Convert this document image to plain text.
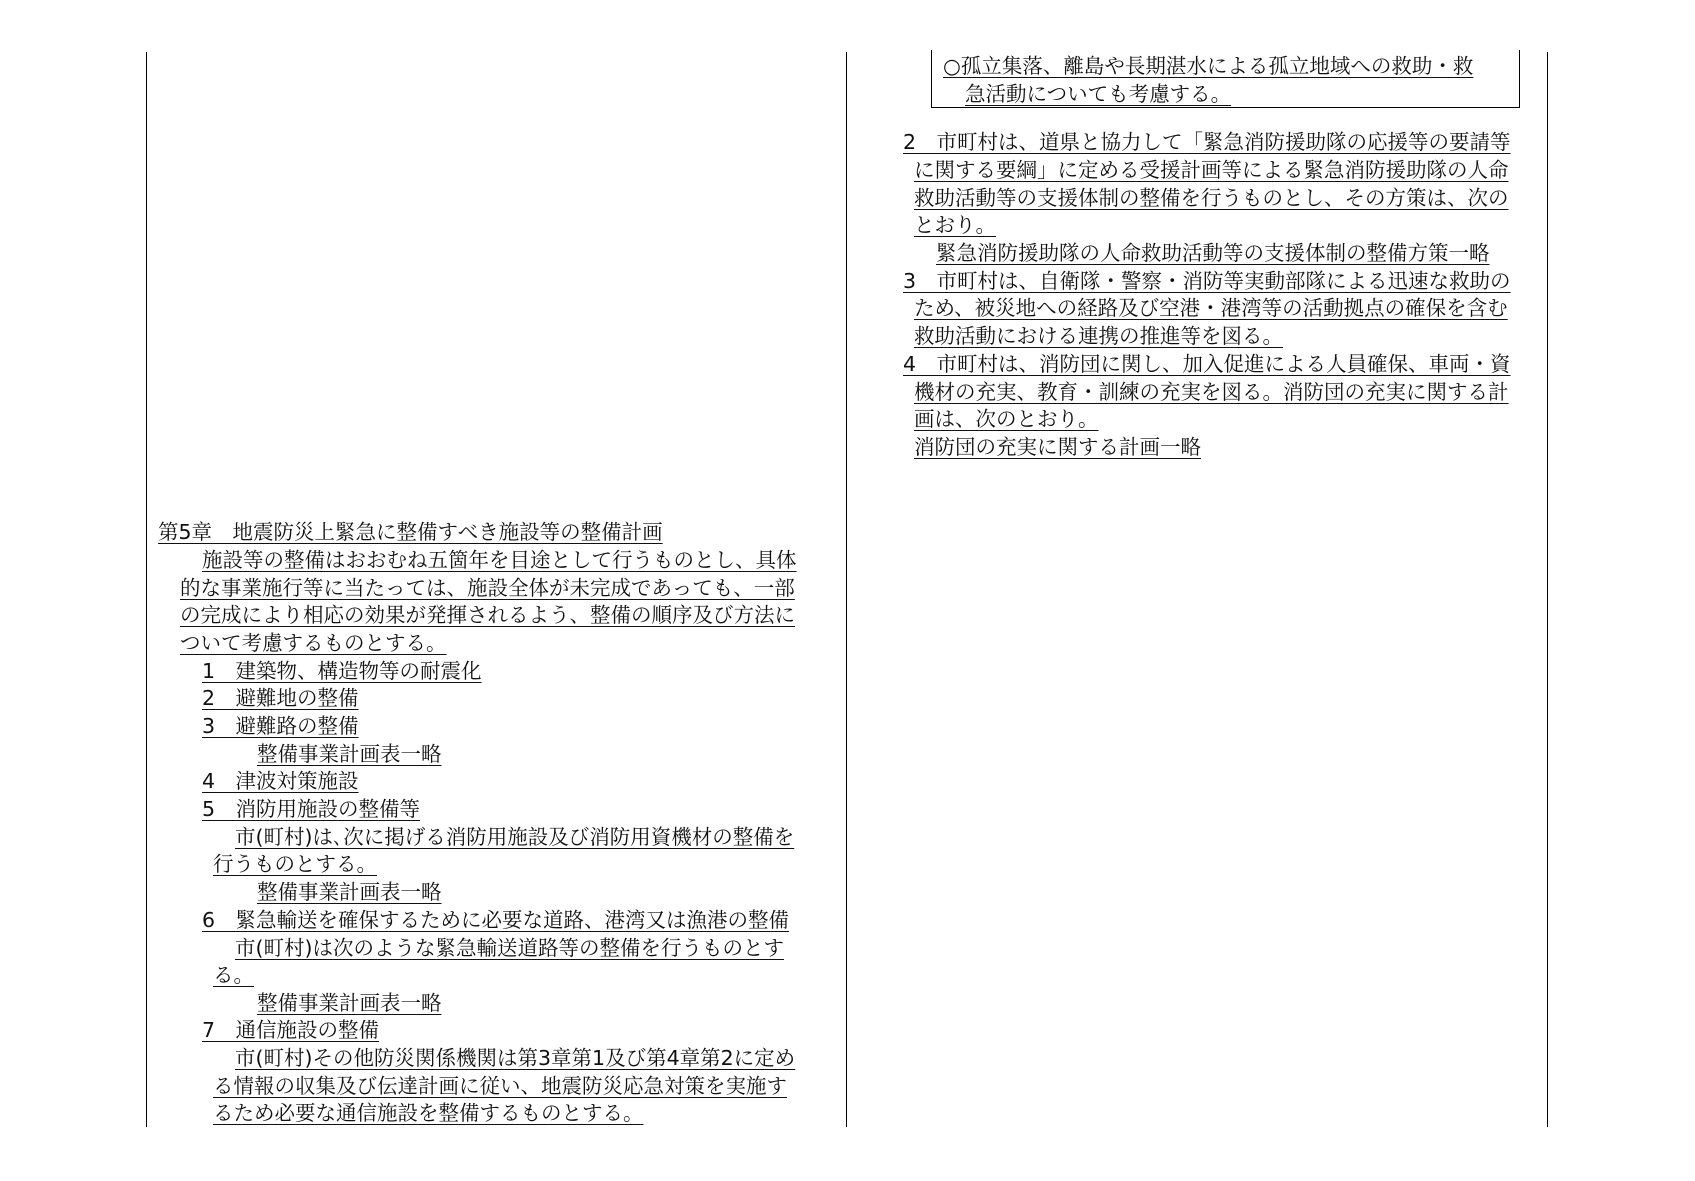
第5章　地震防災上緊急に整備すべき施設等の整備計画
施設等の整備はおおむね五箇年を目途として行うものとし、具体
的な事業施行等に当たっては、施設全体が未完成であっても、一部
の完成により相応の効果が発揮されるよう、整備の順序及び方法に
ついて考慮するものとする。
1　建築物、構造物等の耐震化
2　避難地の整備
3　避難路の整備
整備事業計画表一略
4　津波対策施設
5　消防用施設の整備等
市(町村)は､次に掲げる消防用施設及び消防用資機材の整備を
行うものとする。
整備事業計画表一略
6　緊急輸送を確保するために必要な道路、港湾又は漁港の整備
市(町村)は次のような緊急輸送道路等の整備を行うものとす
る。
整備事業計画表一略
7　通信施設の整備
市(町村)その他防災関係機関は第3章第1及び第4章第2に定め
る情報の収集及び伝達計画に従い、地震防災応急対策を実施す
るため必要な通信施設を整備するものとする。
○孤立集落、離島や長期湛水による孤立地域への救助・救
急活動についても考慮する。
2　市町村は、道県と協力して「緊急消防援助隊の応援等の要請等
に関する要綱」に定める受援計画等による緊急消防援助隊の人命
救助活動等の支援体制の整備を行うものとし、その方策は、次の
とおり。
緊急消防援助隊の人命救助活動等の支援体制の整備方策一略
3　市町村は、自衛隊・警察・消防等実動部隊による迅速な救助の
ため、被災地への経路及び空港・港湾等の活動拠点の確保を含む
救助活動における連携の推進等を図る。
4　市町村は、消防団に関し、加入促進による人員確保、車両・資
機材の充実、教育・訓練の充実を図る。消防団の充実に関する計
画は、次のとおり。
消防団の充実に関する計画一略
